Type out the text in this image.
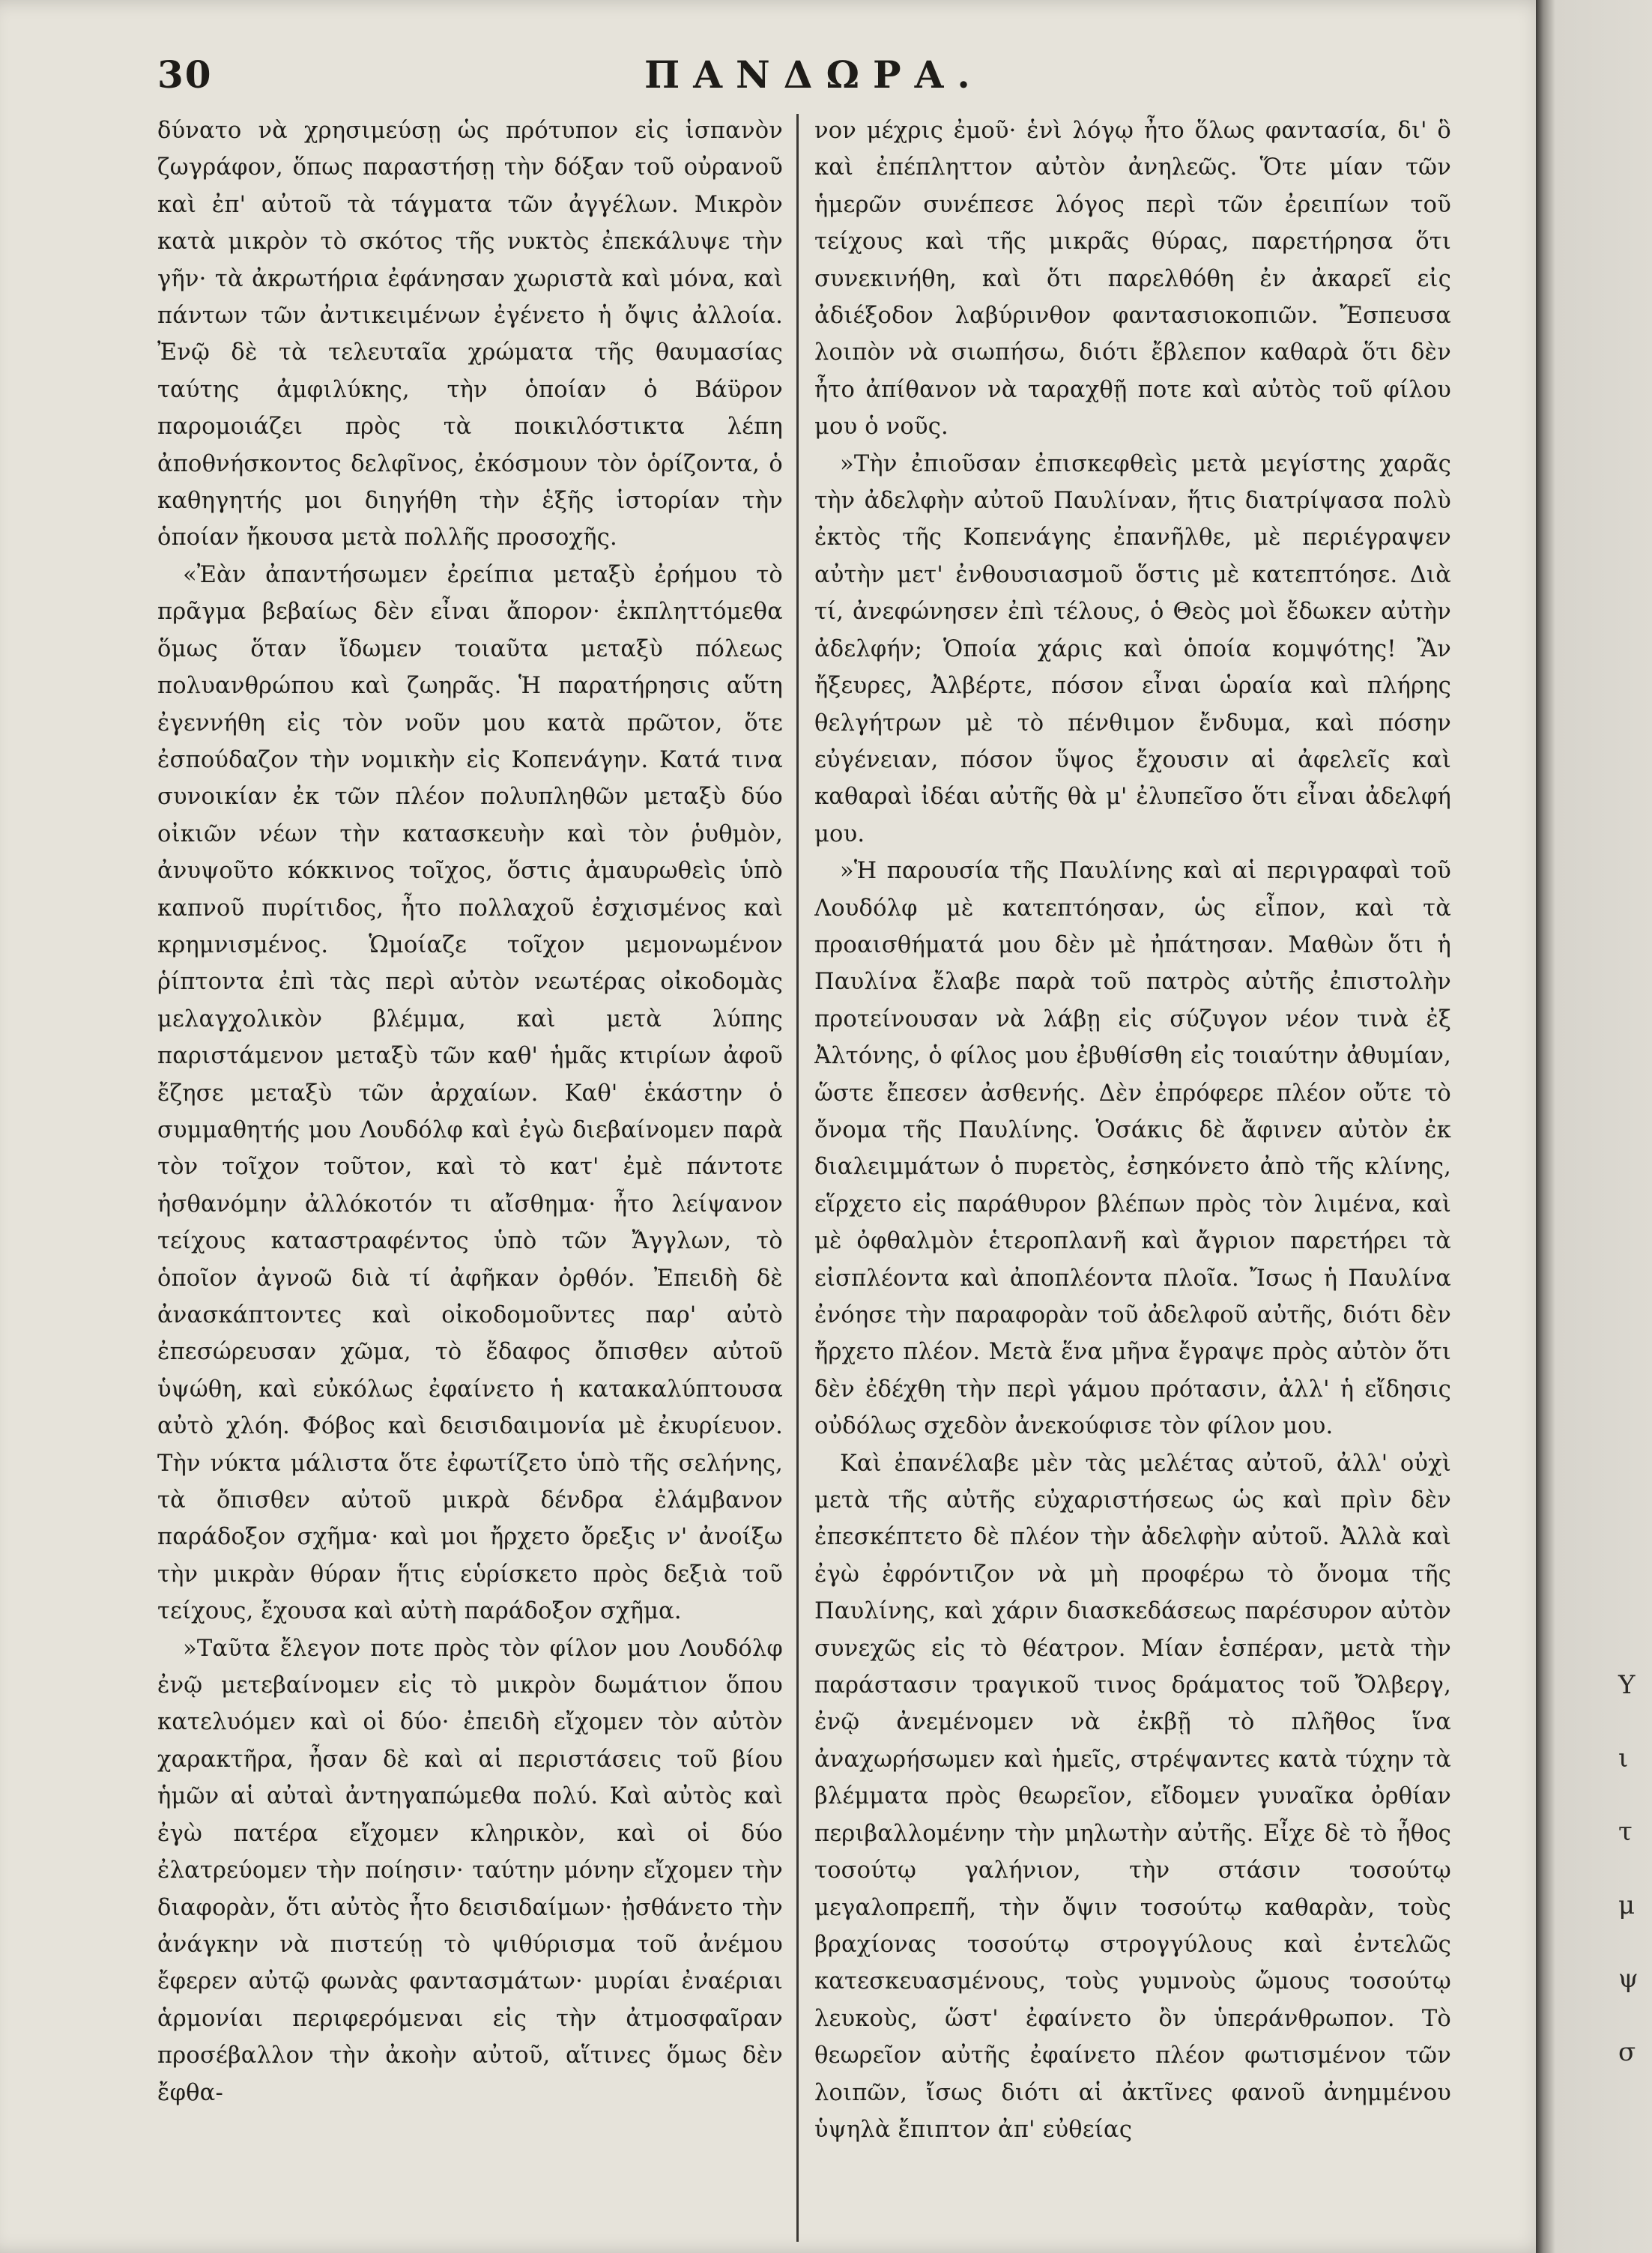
30	ΠΑΝΔΩΡΑ.

δύνατο νὰ χρησιμεύσῃ ὡς πρότυπον εἰς ἱσπανὸν ζωγράφον, ὅπως παραστήσῃ τὴν δόξαν τοῦ οὐρανοῦ καὶ ἐπ' αὐτοῦ τὰ τάγματα τῶν ἀγγέλων. Μικρὸν κατὰ μικρὸν τὸ σκότος τῆς νυκτὸς ἐπεκάλυψε τὴν γῆν· τὰ ἀκρωτήρια ἐφάνησαν χωριστὰ καὶ μόνα, καὶ πάντων τῶν ἀντικειμένων ἐγένετο ἡ ὄψις ἀλλοία. Ἐνῷ δὲ τὰ τελευταῖα χρώματα τῆς θαυμασίας ταύτης ἀμφιλύκης, τὴν ὁποίαν ὁ Βάϋρον παρομοιάζει πρὸς τὰ ποικιλόστικτα λέπη ἀποθνήσκοντος δελφῖνος, ἐκόσμουν τὸν ὁρίζοντα, ὁ καθηγητής μοι διηγήθη τὴν ἑξῆς ἱστορίαν τὴν ὁποίαν ἤκουσα μετὰ πολλῆς προσοχῆς.

«Ἐὰν ἀπαντήσωμεν ἐρείπια μεταξὺ ἐρήμου τὸ πρᾶγμα βεβαίως δὲν εἶναι ἄπορον· ἐκπληττόμεθα ὅμως ὅταν ἴδωμεν τοιαῦτα μεταξὺ πόλεως πολυανθρώπου καὶ ζωηρᾶς. Ἡ παρατήρησις αὕτη ἐγεννήθη εἰς τὸν νοῦν μου κατὰ πρῶτον, ὅτε ἐσπούδαζον τὴν νομικὴν εἰς Κοπενάγην. Κατά τινα συνοικίαν ἐκ τῶν πλέον πολυπληθῶν μεταξὺ δύο οἰκιῶν νέων τὴν κατασκευὴν καὶ τὸν ῥυθμὸν, ἀνυψοῦτο κόκκινος τοῖχος, ὅστις ἀμαυρωθεὶς ὑπὸ καπνοῦ πυρίτιδος, ἦτο πολλαχοῦ ἐσχισμένος καὶ κρημνισμένος. Ὡμοίαζε τοῖχον μεμονωμένον ῥίπτοντα ἐπὶ τὰς περὶ αὐτὸν νεωτέρας οἰκοδομὰς μελαγχολικὸν βλέμμα, καὶ μετὰ λύπης παριστάμενον μεταξὺ τῶν καθ' ἡμᾶς κτιρίων ἀφοῦ ἔζησε μεταξὺ τῶν ἀρχαίων. Καθ' ἑκάστην ὁ συμμαθητής μου Λουδόλφ καὶ ἐγὼ διεβαίνομεν παρὰ τὸν τοῖχον τοῦτον, καὶ τὸ κατ' ἐμὲ πάντοτε ἠσθανόμην ἀλλόκοτόν τι αἴσθημα· ἦτο λείψανον τείχους καταστραφέντος ὑπὸ τῶν Ἄγγλων, τὸ ὁποῖον ἀγνοῶ διὰ τί ἀφῆκαν ὀρθόν. Ἐπειδὴ δὲ ἀνασκάπτοντες καὶ οἰκοδομοῦντες παρ' αὐτὸ ἐπεσώρευσαν χῶμα, τὸ ἔδαφος ὄπισθεν αὐτοῦ ὑψώθη, καὶ εὐκόλως ἐφαίνετο ἡ κατακαλύπτουσα αὐτὸ χλόη. Φόβος καὶ δεισιδαιμονία μὲ ἐκυρίευον. Τὴν νύκτα μάλιστα ὅτε ἐφωτίζετο ὑπὸ τῆς σελήνης, τὰ ὄπισθεν αὐτοῦ μικρὰ δένδρα ἐλάμβανον παράδοξον σχῆμα· καὶ μοι ἤρχετο ὄρεξις ν' ἀνοίξω τὴν μικρὰν θύραν ἥτις εὑρίσκετο πρὸς δεξιὰ τοῦ τείχους, ἔχουσα καὶ αὐτὴ παράδοξον σχῆμα.

»Ταῦτα ἔλεγον ποτε πρὸς τὸν φίλον μου Λουδόλφ ἐνῷ μετεβαίνομεν εἰς τὸ μικρὸν δωμάτιον ὅπου κατελυόμεν καὶ οἱ δύο· ἐπειδὴ εἴχομεν τὸν αὐτὸν χαρακτῆρα, ἦσαν δὲ καὶ αἱ περιστάσεις τοῦ βίου ἡμῶν αἱ αὐταὶ ἀντηγαπώμεθα πολύ. Καὶ αὐτὸς καὶ ἐγὼ πατέρα εἴχομεν κληρικὸν, καὶ οἱ δύο ἐλατρεύομεν τὴν ποίησιν· ταύτην μόνην εἴχομεν τὴν διαφορὰν, ὅτι αὐτὸς ἦτο δεισιδαίμων· ᾐσθάνετο τὴν ἀνάγκην νὰ πιστεύῃ τὸ ψιθύρισμα τοῦ ἀνέμου ἔφερεν αὐτῷ φωνὰς φαντασμάτων· μυρίαι ἐναέριαι ἁρμονίαι περιφερόμεναι εἰς τὴν ἀτμοσφαῖραν προσέβαλλον τὴν ἀκοὴν αὐτοῦ, αἵτινες ὅμως δὲν ἔφθα-

νον μέχρις ἐμοῦ· ἑνὶ λόγῳ ἦτο ὅλως φαντασία, δι' ὃ καὶ ἐπέπληττον αὐτὸν ἀνηλεῶς. Ὅτε μίαν τῶν ἡμερῶν συνέπεσε λόγος περὶ τῶν ἐρειπίων τοῦ τείχους καὶ τῆς μικρᾶς θύρας, παρετήρησα ὅτι συνεκινήθη, καὶ ὅτι παρελθόθη ἐν ἀκαρεῖ εἰς ἀδιέξοδον λαβύρινθον φαντασιοκοπιῶν. Ἔσπευσα λοιπὸν νὰ σιωπήσω, διότι ἔβλεπον καθαρὰ ὅτι δὲν ἦτο ἀπίθανον νὰ ταραχθῇ ποτε καὶ αὐτὸς τοῦ φίλου μου ὁ νοῦς.

»Τὴν ἐπιοῦσαν ἐπισκεφθεὶς μετὰ μεγίστης χαρᾶς τὴν ἀδελφὴν αὐτοῦ Παυλίναν, ἥτις διατρίψασα πολὺ ἐκτὸς τῆς Κοπενάγης ἐπανῆλθε, μὲ περιέγραψεν αὐτὴν μετ' ἐνθουσιασμοῦ ὅστις μὲ κατεπτόησε. Διὰ τί, ἀνεφώνησεν ἐπὶ τέλους, ὁ Θεὸς μοὶ ἔδωκεν αὐτὴν ἀδελφήν; Ὁποία χάρις καὶ ὁποία κομψότης! Ἂν ἤξευρες, Ἀλβέρτε, πόσον εἶναι ὡραία καὶ πλήρης θελγήτρων μὲ τὸ πένθιμον ἔνδυμα, καὶ πόσην εὐγένειαν, πόσον ὕψος ἔχουσιν αἱ ἀφελεῖς καὶ καθαραὶ ἰδέαι αὐτῆς θὰ μ' ἐλυπεῖσο ὅτι εἶναι ἀδελφή μου.

»Ἡ παρουσία τῆς Παυλίνης καὶ αἱ περιγραφαὶ τοῦ Λουδόλφ μὲ κατεπτόησαν, ὡς εἶπον, καὶ τὰ προαισθήματά μου δὲν μὲ ἠπάτησαν. Μαθὼν ὅτι ἡ Παυλίνα ἔλαβε παρὰ τοῦ πατρὸς αὐτῆς ἐπιστολὴν προτείνουσαν νὰ λάβῃ εἰς σύζυγον νέον τινὰ ἐξ Ἀλτόνης, ὁ φίλος μου ἐβυθίσθη εἰς τοιαύτην ἀθυμίαν, ὥστε ἔπεσεν ἀσθενής. Δὲν ἐπρόφερε πλέον οὔτε τὸ ὄνομα τῆς Παυλίνης. Ὁσάκις δὲ ἄφινεν αὐτὸν ἐκ διαλειμμάτων ὁ πυρετὸς, ἐσηκόνετο ἀπὸ τῆς κλίνης, εἵρχετο εἰς παράθυρον βλέπων πρὸς τὸν λιμένα, καὶ μὲ ὀφθαλμὸν ἑτεροπλανῆ καὶ ἄγριον παρετήρει τὰ εἰσπλέοντα καὶ ἀποπλέοντα πλοῖα. Ἴσως ἡ Παυλίνα ἐνόησε τὴν παραφορὰν τοῦ ἀδελφοῦ αὐτῆς, διότι δὲν ἤρχετο πλέον. Μετὰ ἕνα μῆνα ἔγραψε πρὸς αὐτὸν ὅτι δὲν ἐδέχθη τὴν περὶ γάμου πρότασιν, ἀλλ' ἡ εἴδησις οὐδόλως σχεδὸν ἀνεκούφισε τὸν φίλον μου.

Καὶ ἐπανέλαβε μὲν τὰς μελέτας αὐτοῦ, ἀλλ' οὐχὶ μετὰ τῆς αὐτῆς εὐχαριστήσεως ὡς καὶ πρὶν δὲν ἐπεσκέπτετο δὲ πλέον τὴν ἀδελφὴν αὐτοῦ. Ἀλλὰ καὶ ἐγὼ ἐφρόντιζον νὰ μὴ προφέρω τὸ ὄνομα τῆς Παυλίνης, καὶ χάριν διασκεδάσεως παρέσυρον αὐτὸν συνεχῶς εἰς τὸ θέατρον. Μίαν ἑσπέραν, μετὰ τὴν παράστασιν τραγικοῦ τινος δράματος τοῦ Ὄλβεργ, ἐνῷ ἀνεμένομεν νὰ ἐκβῇ τὸ πλῆθος ἵνα ἀναχωρήσωμεν καὶ ἡμεῖς, στρέψαντες κατὰ τύχην τὰ βλέμματα πρὸς θεωρεῖον, εἴδομεν γυναῖκα ὀρθίαν περιβαλλομένην τὴν μηλωτὴν αὐτῆς. Εἶχε δὲ τὸ ἦθος τοσούτῳ γαλήνιον, τὴν στάσιν τοσούτῳ μεγαλοπρεπῆ, τὴν ὄψιν τοσούτῳ καθαρὰν, τοὺς βραχίονας τοσούτῳ στρογγύλους καὶ ἐντελῶς κατεσκευασμένους, τοὺς γυμνοὺς ὤμους τοσούτῳ λευκοὺς, ὥστ' ἐφαίνετο ὂν ὑπεράνθρωπον. Τὸ θεωρεῖον αὐτῆς ἐφαίνετο πλέον φωτισμένον τῶν λοιπῶν, ἴσως διότι αἱ ἀκτῖνες φανοῦ ἀνημμένου ὑψηλὰ ἔπιπτον ἀπ' εὐθείας

Υ
ι
τ
μ
ψ
σ
